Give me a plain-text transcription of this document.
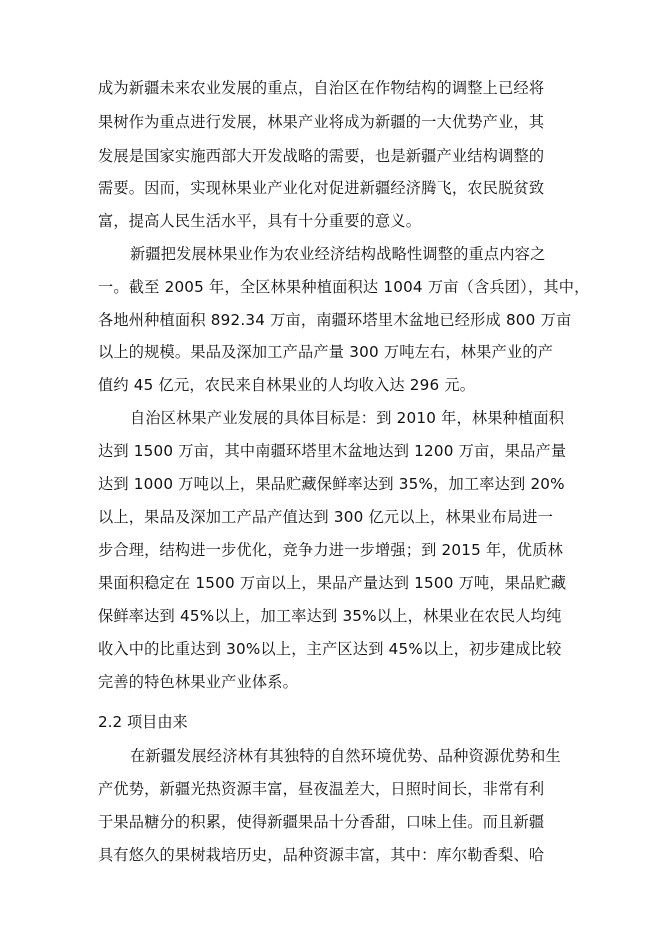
成为新疆未来农业发展的重点，自治区在作物结构的调整上已经将
果树作为重点进行发展，林果产业将成为新疆的一大优势产业，其
发展是国家实施西部大开发战略的需要，也是新疆产业结构调整的
需要。因而，实现林果业产业化对促进新疆经济腾飞，农民脱贫致
富，提高人民生活水平，具有十分重要的意义。
新疆把发展林果业作为农业经济结构战略性调整的重点内容之
一。截至 2005 年，全区林果种植面积达 1004 万亩（含兵团），其中，
各地州种植面积 892.34 万亩，南疆环塔里木盆地已经形成 800 万亩
以上的规模。果品及深加工产品产量 300 万吨左右，林果产业的产
值约 45 亿元，农民来自林果业的人均收入达 296 元。
自治区林果产业发展的具体目标是：到 2010 年，林果种植面积
达到 1500 万亩，其中南疆环塔里木盆地达到 1200 万亩，果品产量
达到 1000 万吨以上，果品贮藏保鲜率达到 35%，加工率达到 20%
以上，果品及深加工产品产值达到 300 亿元以上，林果业布局进一
步合理，结构进一步优化，竞争力进一步增强；到 2015 年，优质林
果面积稳定在 1500 万亩以上，果品产量达到 1500 万吨，果品贮藏
保鲜率达到 45%以上，加工率达到 35%以上，林果业在农民人均纯
收入中的比重达到 30%以上，主产区达到 45%以上，初步建成比较
完善的特色林果业产业体系。
2.2 项目由来
在新疆发展经济林有其独特的自然环境优势、品种资源优势和生
产优势，新疆光热资源丰富，昼夜温差大，日照时间长，非常有利
于果品糖分的积累，使得新疆果品十分香甜，口味上佳。而且新疆
具有悠久的果树栽培历史，品种资源丰富，其中：库尔勒香梨、哈
